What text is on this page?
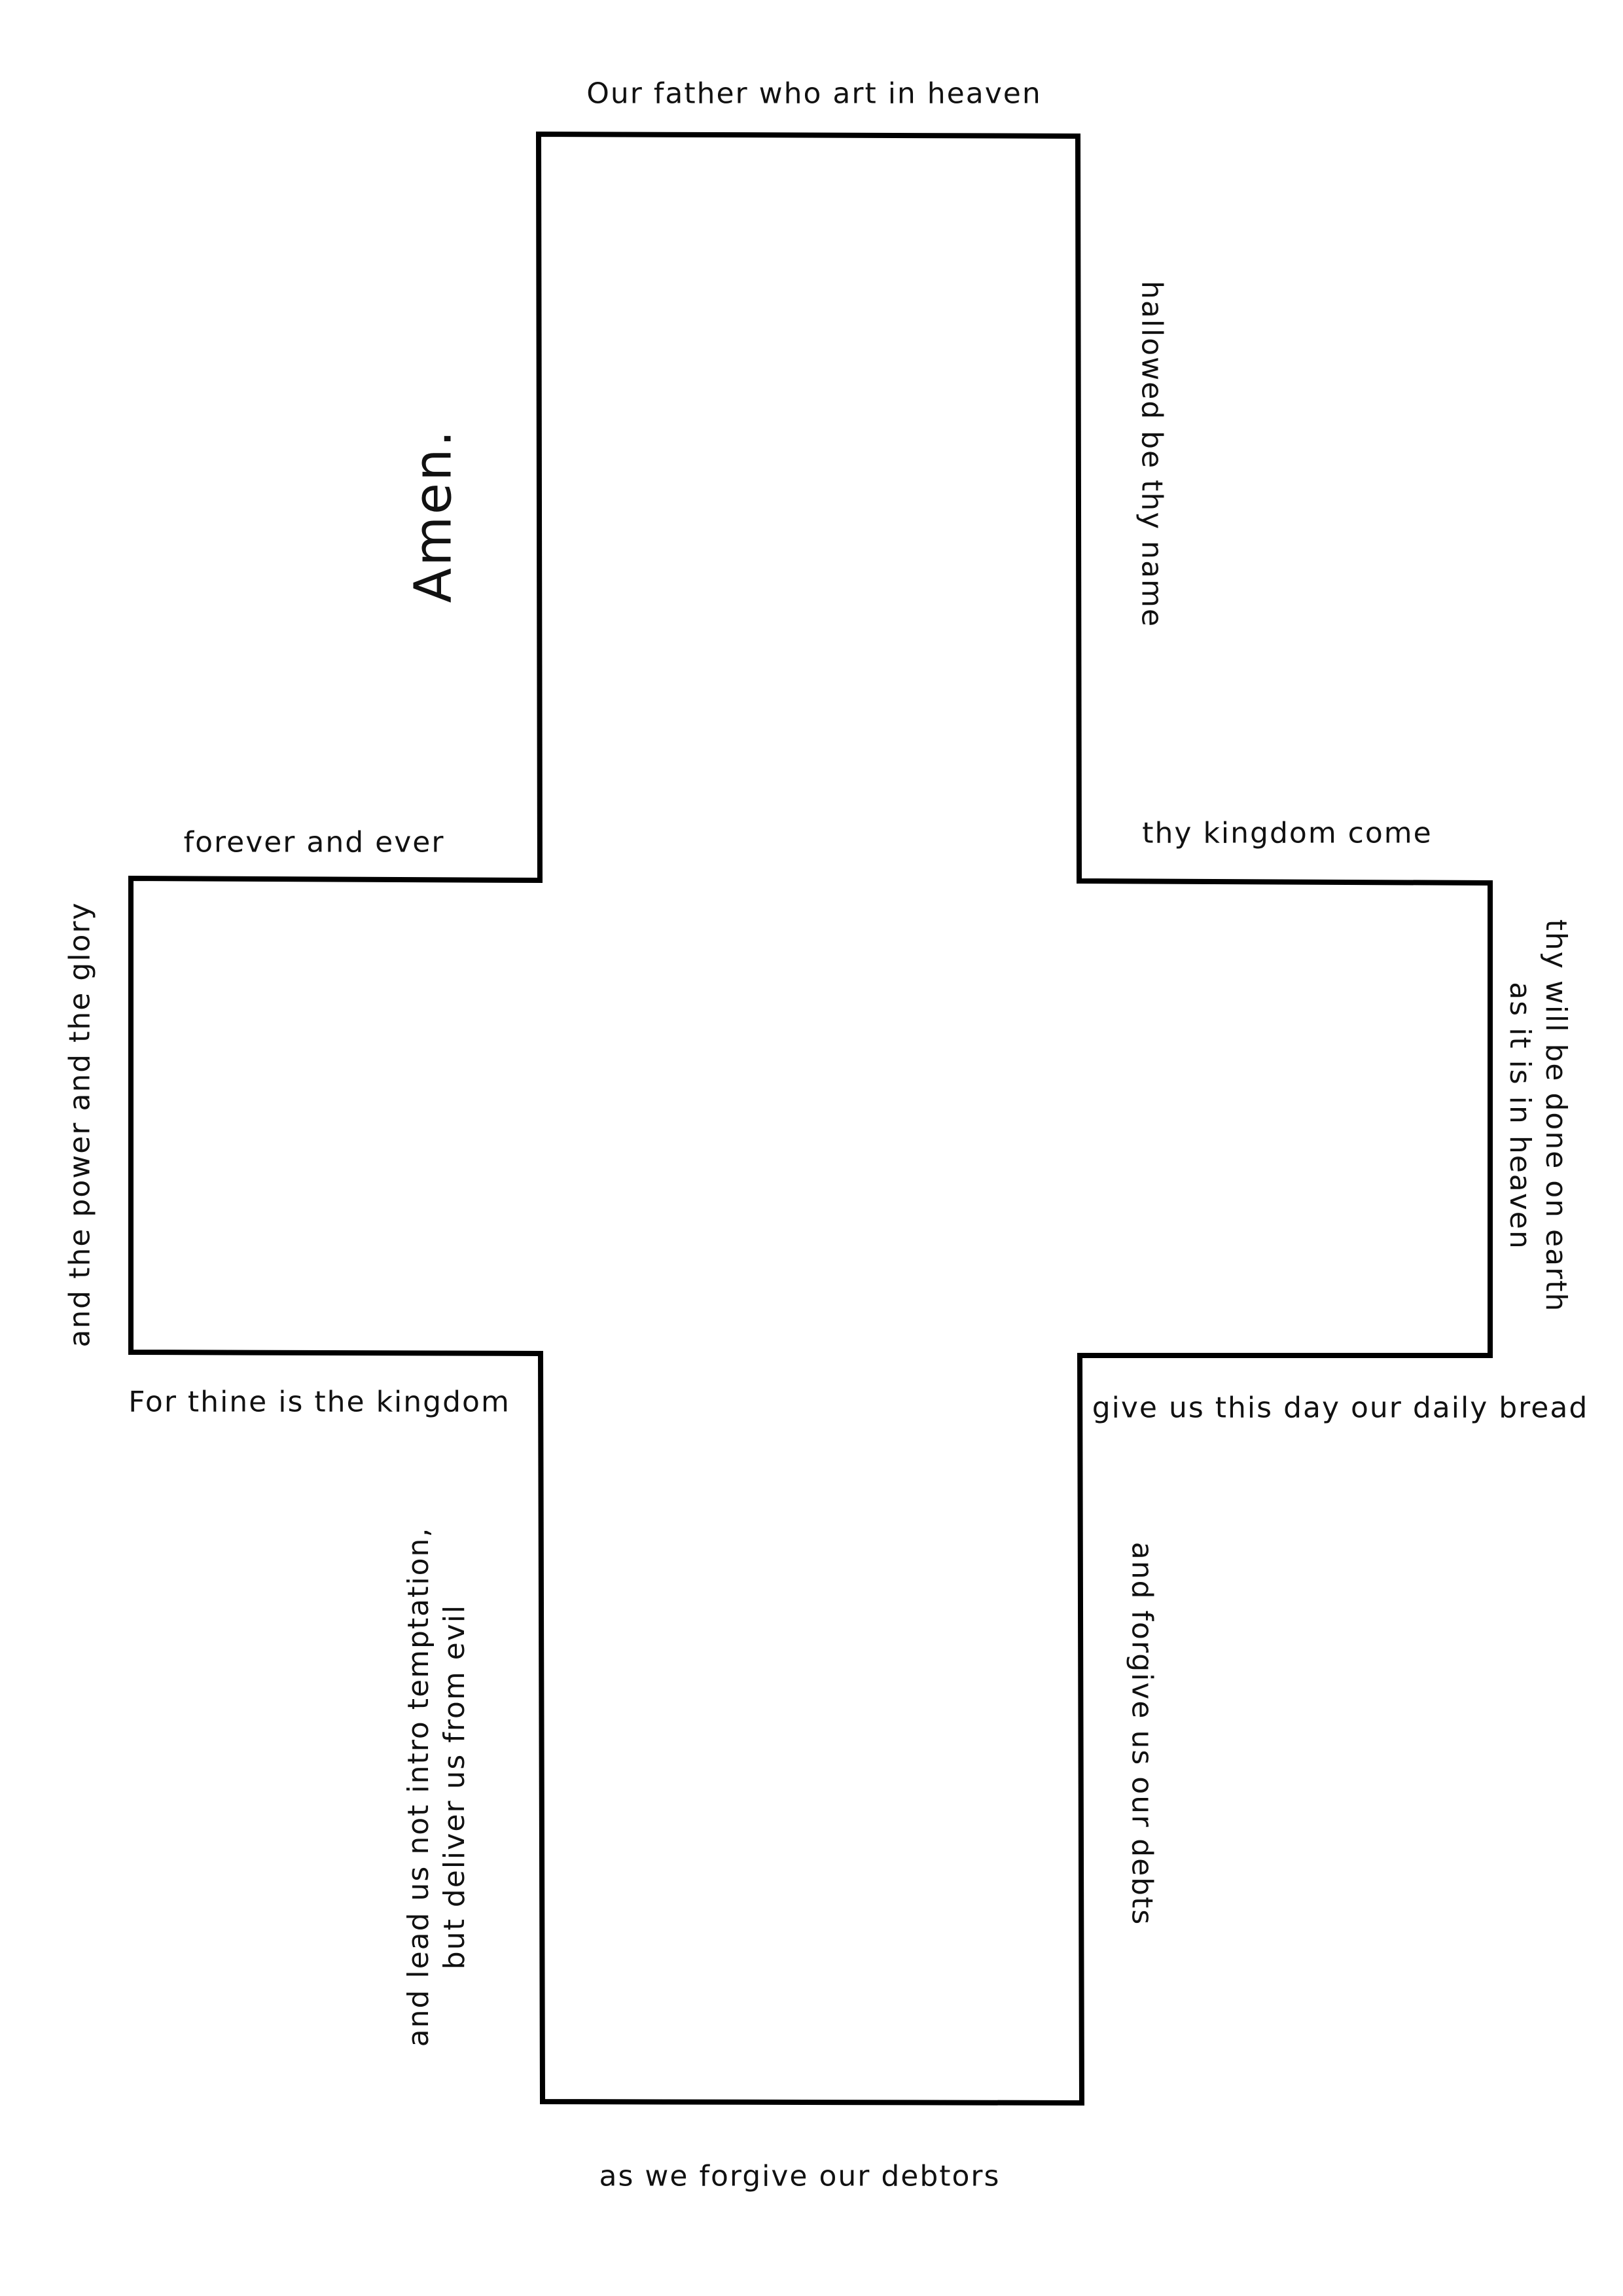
Our father who art in heaven
hallowed be thy name
thy kingdom come
thy will be done on earth
as it is in heaven
give us this day our daily bread
and forgive us our debts
as we forgive our debtors
and lead us not intro temptation, but deliver us from evil
For thine is the kingdom
and the power and the glory
forever and ever
Amen.
